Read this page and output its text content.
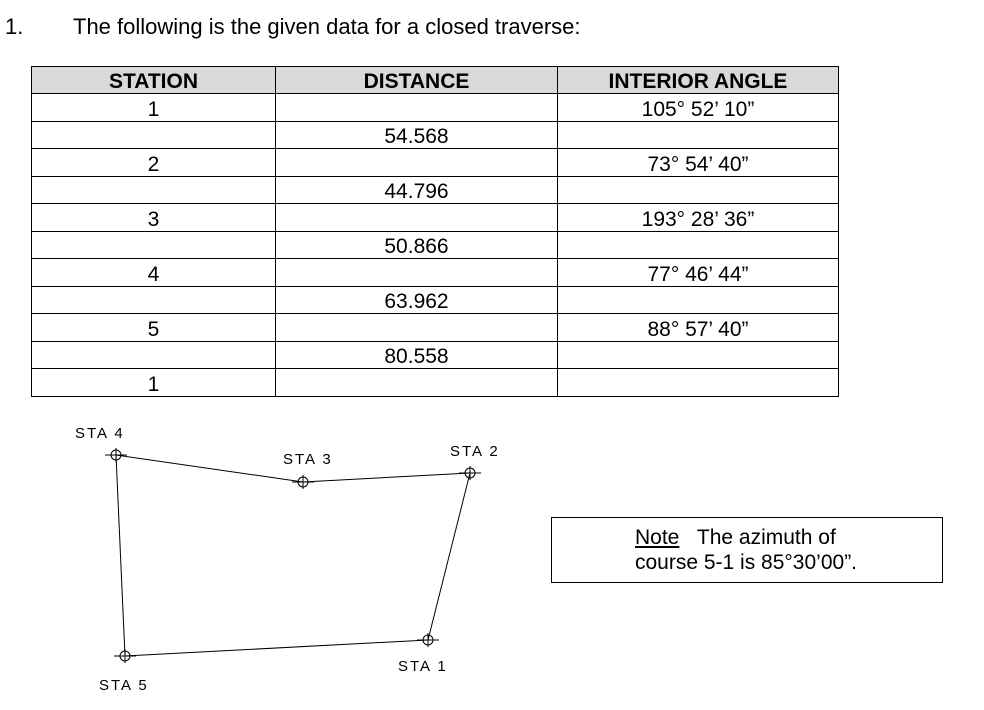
1. The following is the given data for a closed traverse:
STATION	DISTANCE	INTERIOR ANGLE
1		105° 52’ 10”
	54.568	
2		73° 54’ 40”
	44.796	
3		193° 28’ 36”
	50.866	
4		77° 46’ 44”
	63.962	
5		88° 57’ 40”
	80.558	
1		
STA 4
STA 3	STA 2
STA 1
STA 5
Note The azimuth of
course 5-1 is 85°30’00”.
